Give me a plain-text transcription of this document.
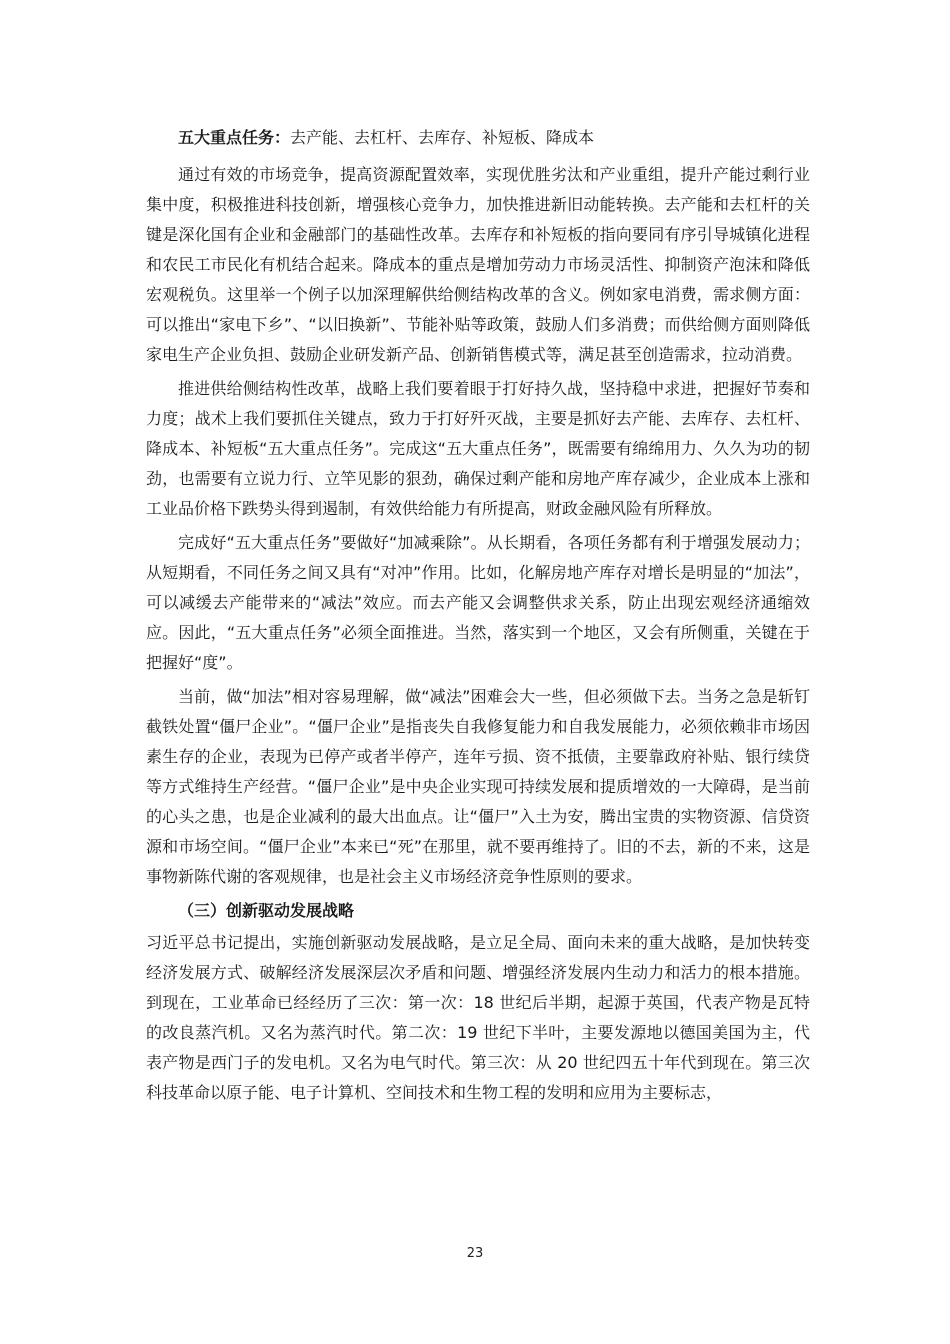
五大重点任务：去产能、去杠杆、去库存、补短板、降成本

通过有效的市场竞争，提高资源配置效率，实现优胜劣汰和产业重组，提升产能过剩行业集中度，积极推进科技创新，增强核心竞争力，加快推进新旧动能转换。去产能和去杠杆的关键是深化国有企业和金融部门的基础性改革。去库存和补短板的指向要同有序引导城镇化进程和农民工市民化有机结合起来。降成本的重点是增加劳动力市场灵活性、抑制资产泡沫和降低宏观税负。这里举一个例子以加深理解供给侧结构改革的含义。例如家电消费，需求侧方面：可以推出“家电下乡”、“以旧换新”、节能补贴等政策，鼓励人们多消费；而供给侧方面则降低家电生产企业负担、鼓励企业研发新产品、创新销售模式等，满足甚至创造需求，拉动消费。

推进供给侧结构性改革，战略上我们要着眼于打好持久战，坚持稳中求进，把握好节奏和力度；战术上我们要抓住关键点，致力于打好歼灭战，主要是抓好去产能、去库存、去杠杆、降成本、补短板“五大重点任务”。完成这“五大重点任务”，既需要有绵绵用力、久久为功的韧劲，也需要有立说力行、立竿见影的狠劲，确保过剩产能和房地产库存减少，企业成本上涨和工业品价格下跌势头得到遏制，有效供给能力有所提高，财政金融风险有所释放。

完成好“五大重点任务”要做好“加减乘除”。从长期看，各项任务都有利于增强发展动力；从短期看，不同任务之间又具有“对冲”作用。比如，化解房地产库存对增长是明显的“加法”，可以减缓去产能带来的“减法”效应。而去产能又会调整供求关系，防止出现宏观经济通缩效应。因此，“五大重点任务”必须全面推进。当然，落实到一个地区，又会有所侧重，关键在于把握好“度”。

当前，做“加法”相对容易理解，做“减法”困难会大一些，但必须做下去。当务之急是斩钉截铁处置“僵尸企业”。“僵尸企业”是指丧失自我修复能力和自我发展能力，必须依赖非市场因素生存的企业，表现为已停产或者半停产，连年亏损、资不抵债，主要靠政府补贴、银行续贷等方式维持生产经营。“僵尸企业”是中央企业实现可持续发展和提质增效的一大障碍，是当前的心头之患，也是企业减利的最大出血点。让“僵尸”入土为安，腾出宝贵的实物资源、信贷资源和市场空间。“僵尸企业”本来已“死”在那里，就不要再维持了。旧的不去，新的不来，这是事物新陈代谢的客观规律，也是社会主义市场经济竞争性原则的要求。

（三）创新驱动发展战略

习近平总书记提出，实施创新驱动发展战略，是立足全局、面向未来的重大战略，是加快转变经济发展方式、破解经济发展深层次矛盾和问题、增强经济发展内生动力和活力的根本措施。到现在，工业革命已经经历了三次：第一次：18 世纪后半期，起源于英国，代表产物是瓦特的改良蒸汽机。又名为蒸汽时代。第二次：19 世纪下半叶，主要发源地以德国美国为主，代表产物是西门子的发电机。又名为电气时代。第三次：从 20 世纪四五十年代到现在。第三次科技革命以原子能、电子计算机、空间技术和生物工程的发明和应用为主要标志，

23
